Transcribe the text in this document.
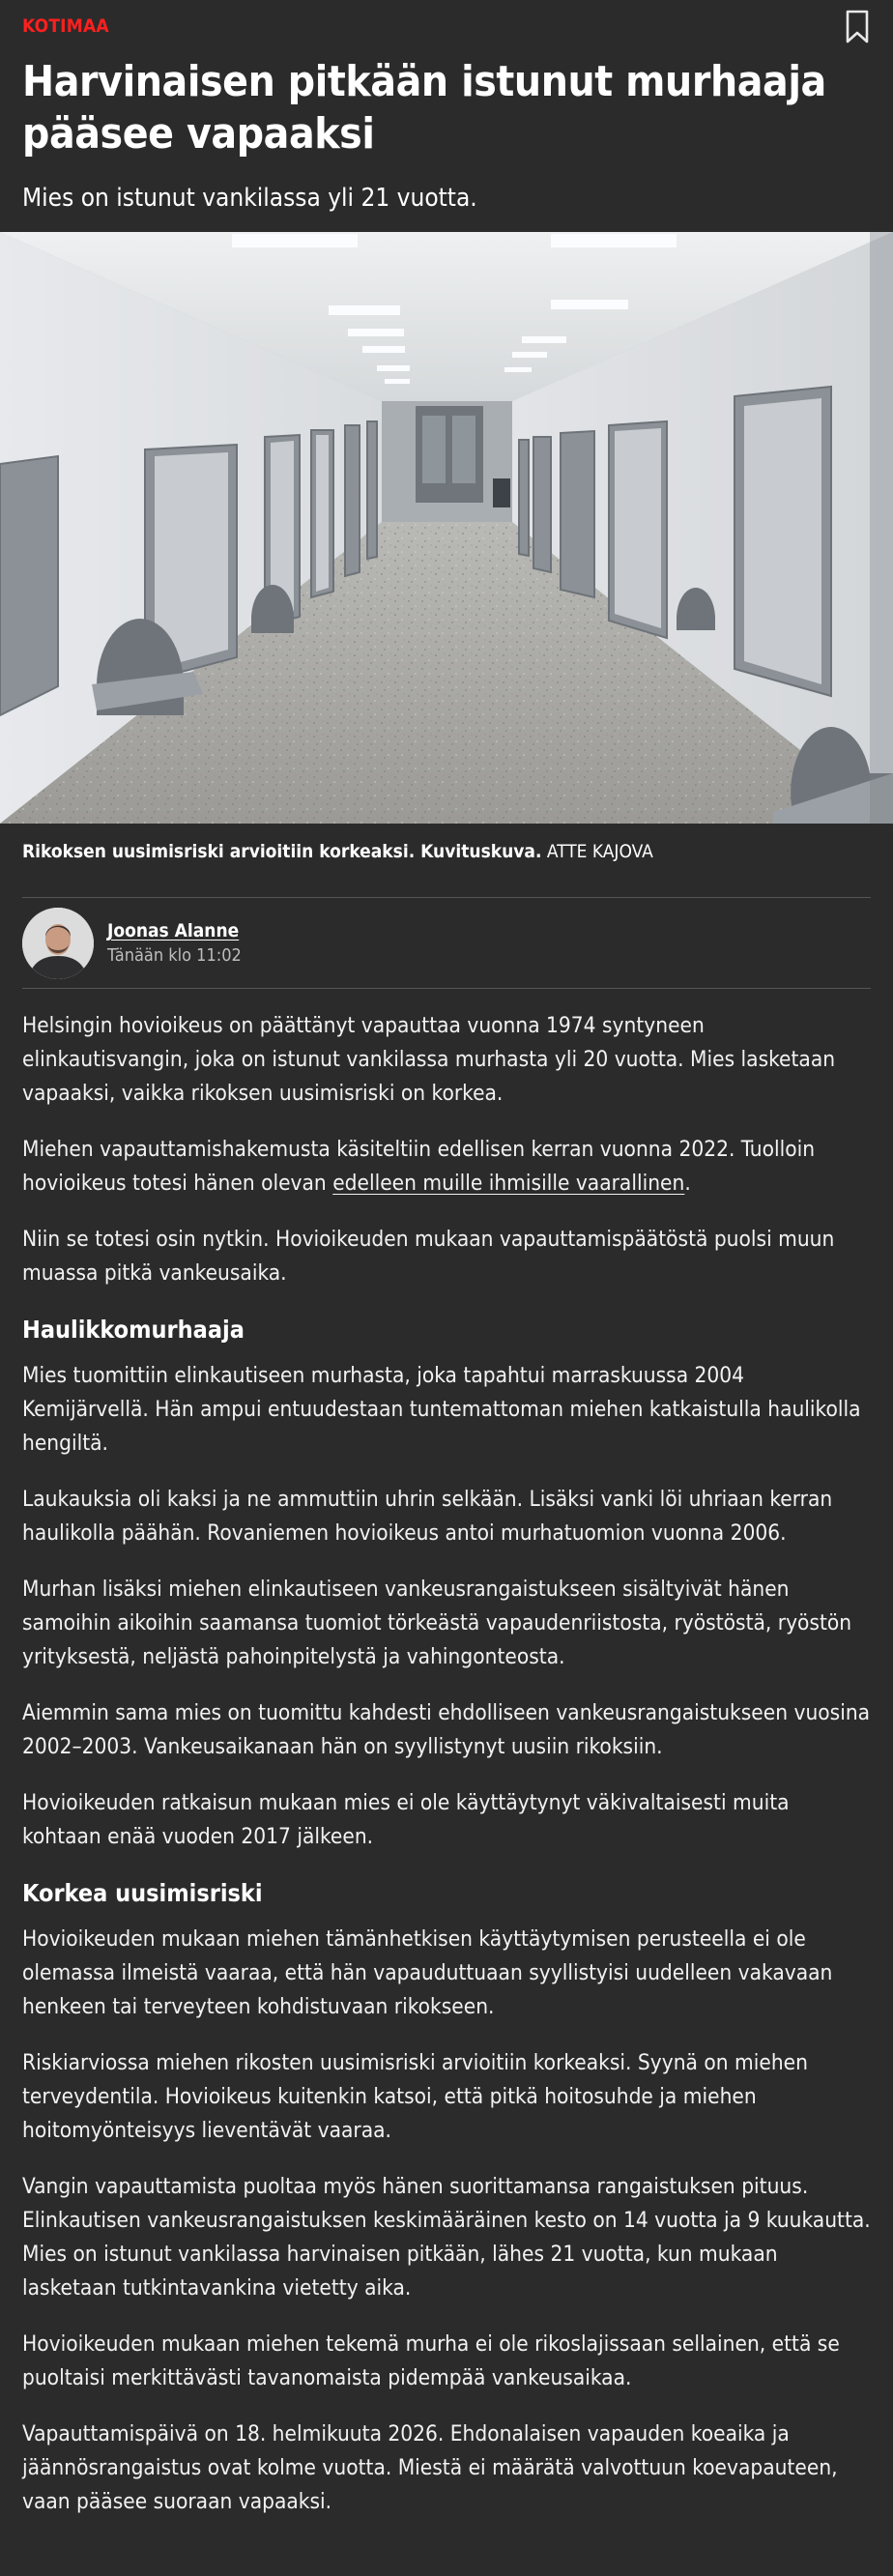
KOTIMAA
Harvinaisen pitkään istunut murhaaja pääsee vapaaksi

Mies on istunut vankilassa yli 21 vuotta.

Rikoksen uusimisriski arvioitiin korkeaksi. Kuvituskuva. ATTE KAJOVA

Joonas Alanne
Tänään klo 11:02

Helsingin hovioikeus on päättänyt vapauttaa vuonna 1974 syntyneen elinkautisvangin, joka on istunut vankilassa murhasta yli 20 vuotta. Mies lasketaan vapaaksi, vaikka rikoksen uusimisriski on korkea.

Miehen vapauttamishakemusta käsiteltiin edellisen kerran vuonna 2022. Tuolloin hovioikeus totesi hänen olevan edelleen muille ihmisille vaarallinen.

Niin se totesi osin nytkin. Hovioikeuden mukaan vapauttamispäätöstä puolsi muun muassa pitkä vankeusaika.

Haulikkomurhaaja

Mies tuomittiin elinkautiseen murhasta, joka tapahtui marraskuussa 2004 Kemijärvellä. Hän ampui entuudestaan tuntemattoman miehen katkaistulla haulikolla hengiltä.

Laukauksia oli kaksi ja ne ammuttiin uhrin selkään. Lisäksi vanki löi uhriaan kerran haulikolla päähän. Rovaniemen hovioikeus antoi murhatuomion vuonna 2006.

Murhan lisäksi miehen elinkautiseen vankeusrangaistukseen sisältyivät hänen samoihin aikoihin saamansa tuomiot törkeästä vapaudenriistosta, ryöstöstä, ryöstön yrityksestä, neljästä pahoinpitelystä ja vahingonteosta.

Aiemmin sama mies on tuomittu kahdesti ehdolliseen vankeusrangaistukseen vuosina 2002–2003. Vankeusaikanaan hän on syyllistynyt uusiin rikoksiin.

Hovioikeuden ratkaisun mukaan mies ei ole käyttäytynyt väkivaltaisesti muita kohtaan enää vuoden 2017 jälkeen.

Korkea uusimisriski

Hovioikeuden mukaan miehen tämänhetkisen käyttäytymisen perusteella ei ole olemassa ilmeistä vaaraa, että hän vapauduttuaan syyllistyisi uudelleen vakavaan henkeen tai terveyteen kohdistuvaan rikokseen.

Riskiarviossa miehen rikosten uusimisriski arvioitiin korkeaksi. Syynä on miehen terveydentila. Hovioikeus kuitenkin katsoi, että pitkä hoitosuhde ja miehen hoitomyönteisyys lieventävät vaaraa.

Vangin vapauttamista puoltaa myös hänen suorittamansa rangaistuksen pituus. Elinkautisen vankeusrangaistuksen keskimääräinen kesto on 14 vuotta ja 9 kuukautta. Mies on istunut vankilassa harvinaisen pitkään, lähes 21 vuotta, kun mukaan lasketaan tutkintavankina vietetty aika.

Hovioikeuden mukaan miehen tekemä murha ei ole rikoslajissaan sellainen, että se puoltaisi merkittävästi tavanomaista pidempää vankeusaikaa.

Vapauttamispäivä on 18. helmikuuta 2026. Ehdonalaisen vapauden koeaika ja jäännösrangaistus ovat kolme vuotta. Miestä ei määrätä valvottuun koevapauteen, vaan pääsee suoraan vapaaksi.
